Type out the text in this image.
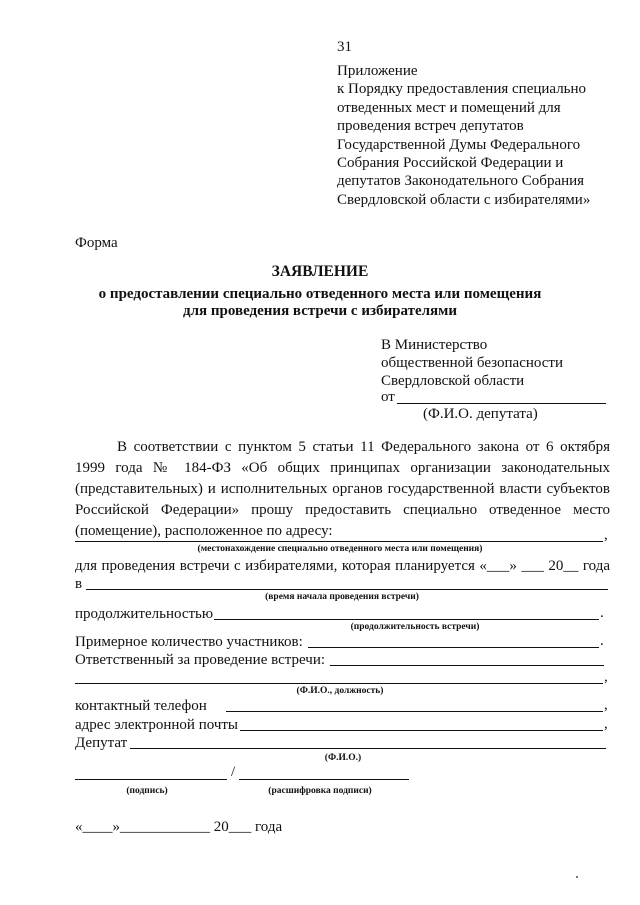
31
Приложение
к Порядку предоставления специально
отведенных мест и помещений для
проведения встреч депутатов
Государственной Думы Федерального
Собрания Российской Федерации и
депутатов Законодательного Собрания
Свердловской области с избирателями»
Форма
ЗАЯВЛЕНИЕ
о предоставлении специально отведенного места или помещения
для проведения встречи с избирателями
В Министерство
общественной безопасности
Свердловской области
от
(Ф.И.О. депутата)
В соответствии с пунктом 5 статьи 11 Федерального закона от 6 октября
1999 года № 184-ФЗ «Об общих принципах организации законодательных
(представительных) и исполнительных органов государственной власти субъектов
Российской Федерации» прошу предоставить специально отведенное место
(помещение), расположенное по адресу:	,
(местонахождение специально отведенного места или помещения)
для проведения встречи с избирателями, которая планируется «___» ___ 20__ года
в
(время начала проведения встречи)
продолжительностью	.
(продолжительность встречи)
Примерное количество участников:	.
Ответственный за проведение встречи:
,
(Ф.И.О., должность)
контактный телефон	,
адрес электронной почты	,
Депутат
(Ф.И.О.)
/
(подпись)	(расшифровка подписи)
«____»____________ 20___ года
